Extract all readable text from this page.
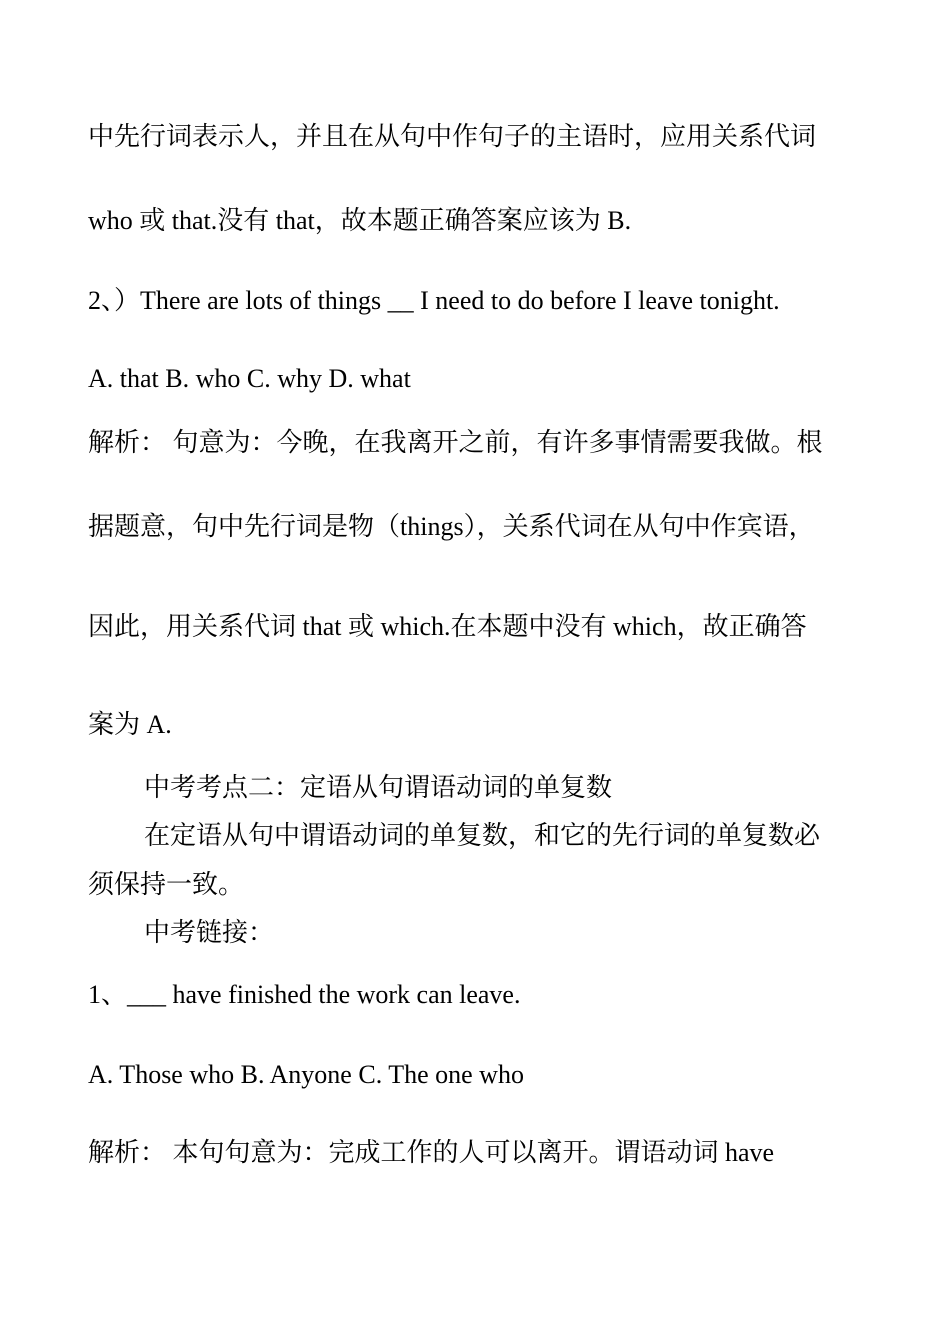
中先行词表示人，并且在从句中作句子的主语时，应用关系代词
who 或 that.没有 that，故本题正确答案应该为 B.
2、）There are lots of things __ I need to do before I leave tonight.
A. that B. who C. why D. what
解析： 句意为：今晚，在我离开之前，有许多事情需要我做。根
据题意，句中先行词是物（things），关系代词在从句中作宾语，
因此，用关系代词 that 或 which.在本题中没有 which，故正确答
案为 A.
中考考点二：定语从句谓语动词的单复数
在定语从句中谓语动词的单复数，和它的先行词的单复数必
须保持一致。
中考链接：
1、___ have finished the work can leave.
A. Those who B. Anyone C. The one who
解析： 本句句意为：完成工作的人可以离开。谓语动词 have
